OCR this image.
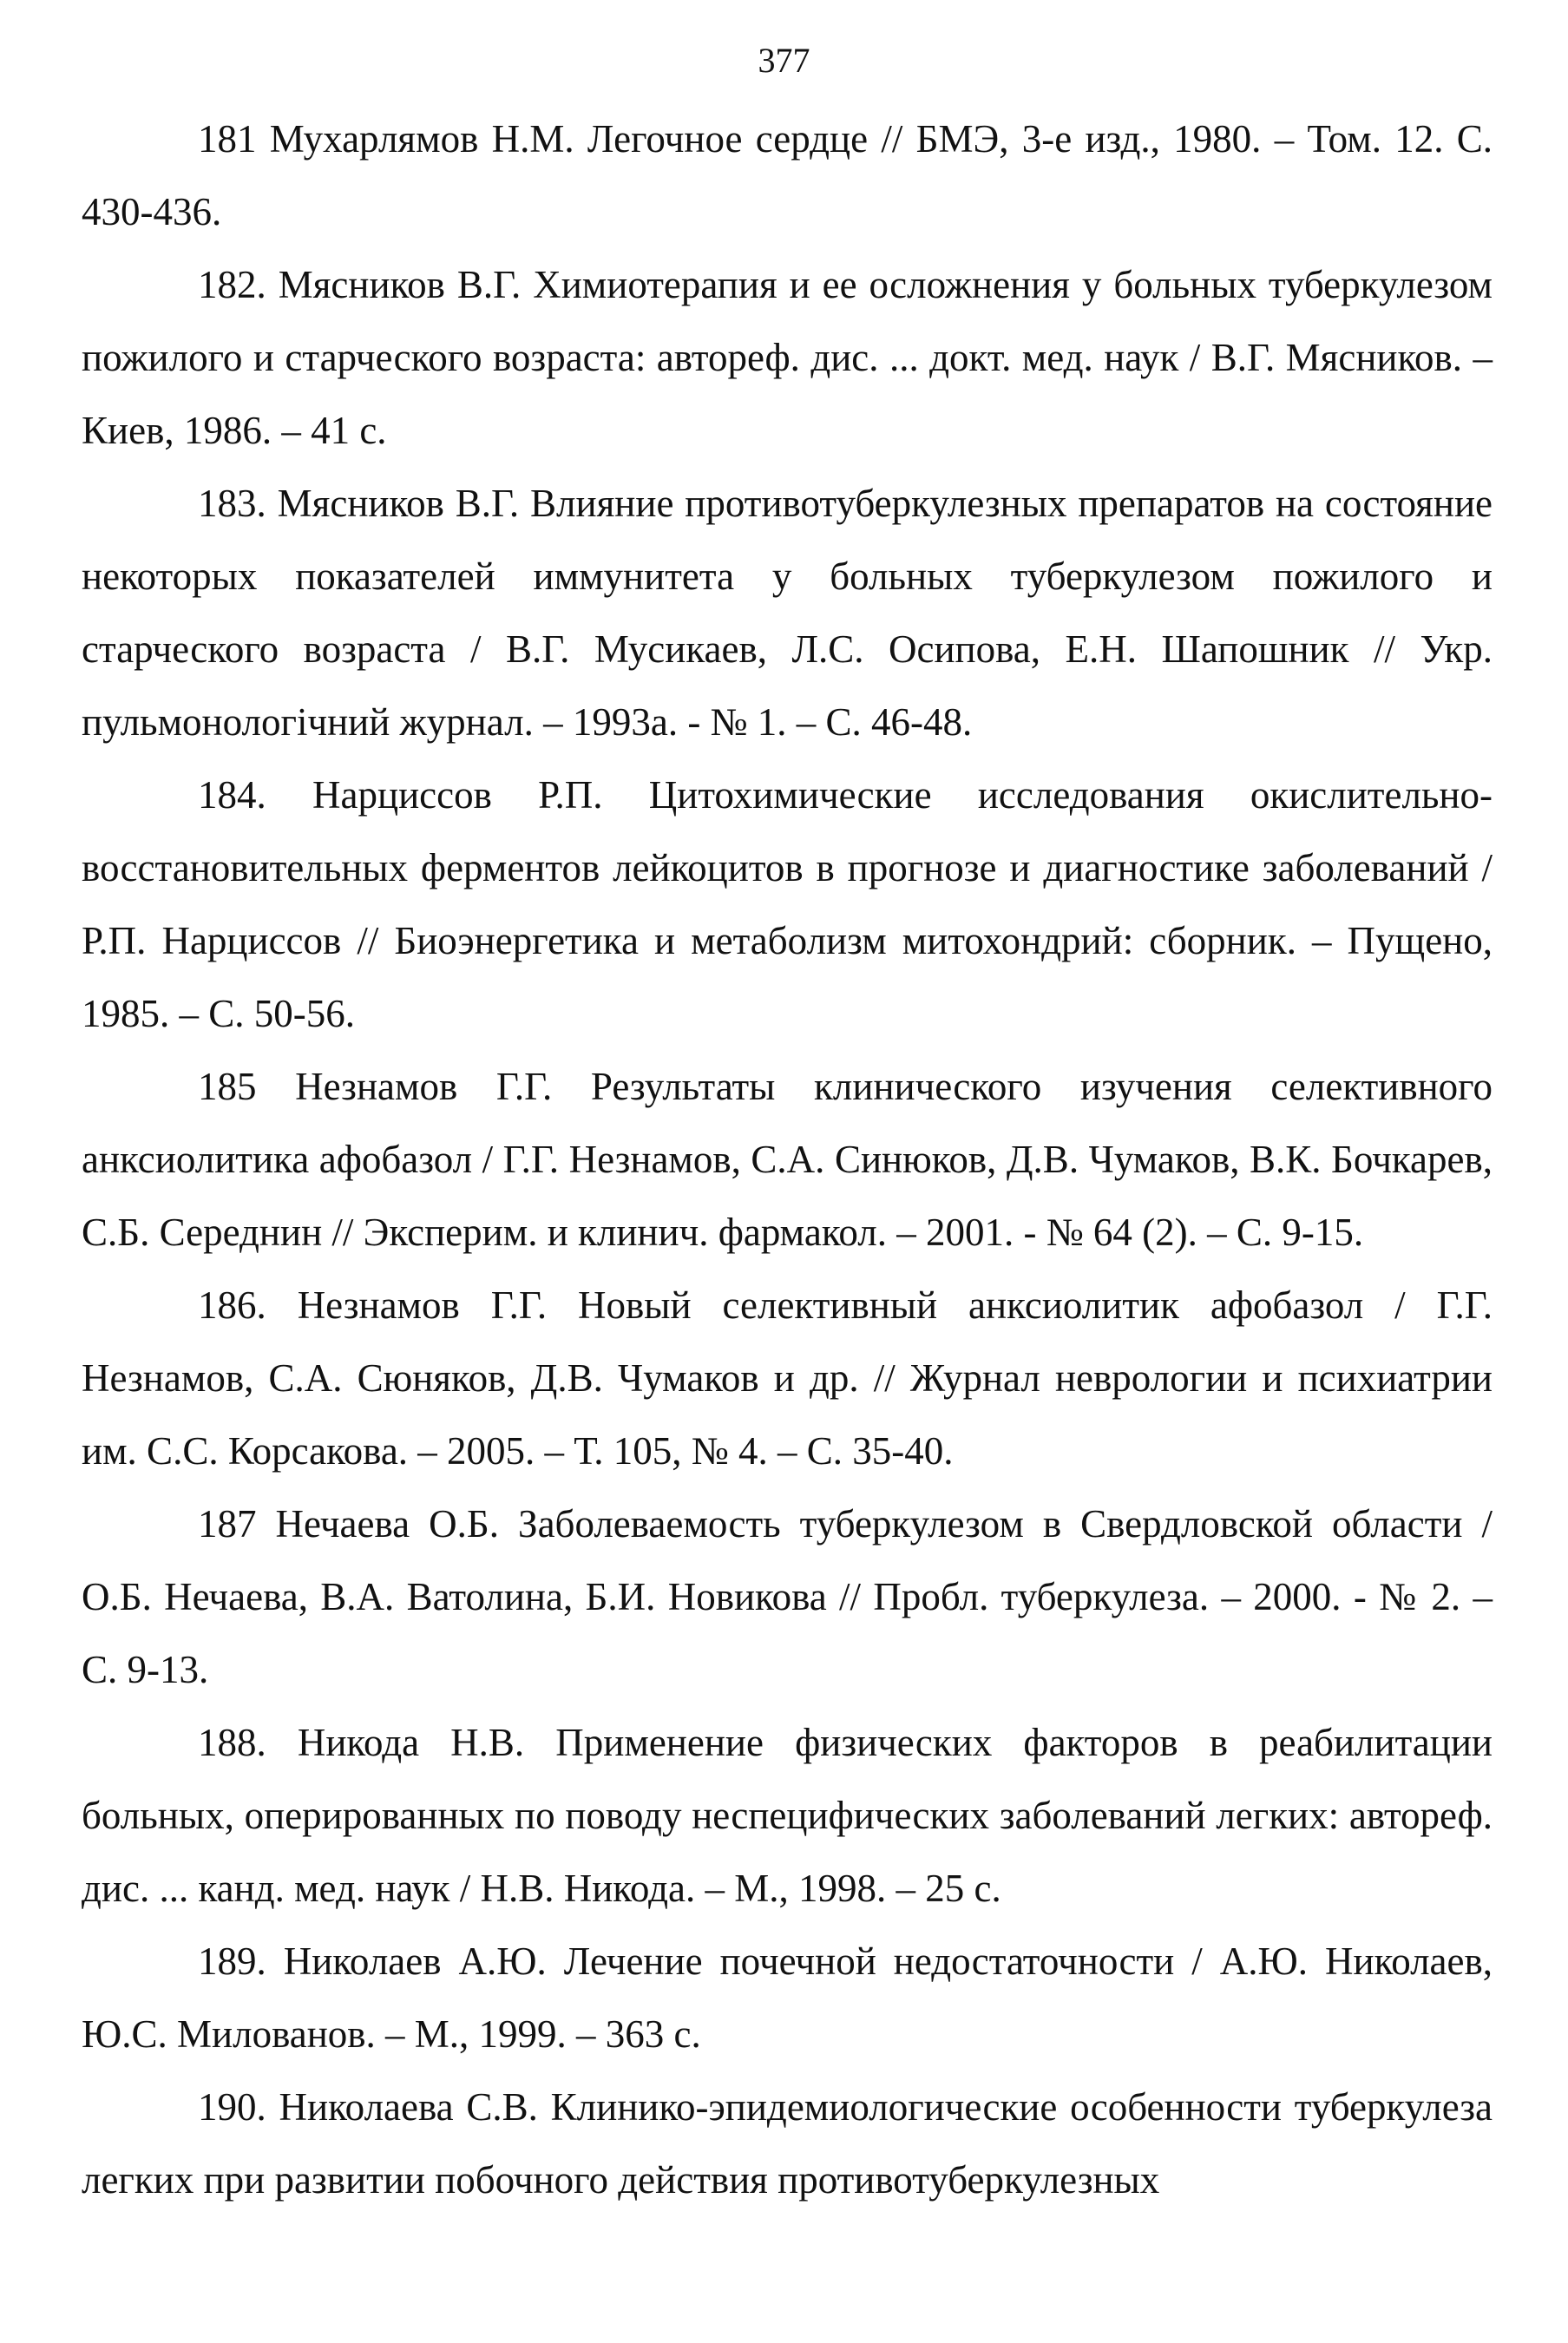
377

181 Мухарлямов Н.М. Легочное сердце // БМЭ, 3-е изд., 1980. – Том. 12. С. 430-436.

182. Мясников В.Г. Химиотерапия и ее осложнения у больных туберкулезом пожилого и старческого возраста: автореф. дис. ... докт. мед. наук / В.Г. Мясников. – Киев, 1986. – 41 с.

183. Мясников В.Г. Влияние противотуберкулезных препаратов на состояние некоторых показателей иммунитета у больных туберкулезом пожилого и старческого возраста / В.Г. Мусикаев, Л.С. Осипова, Е.Н. Шапошник // Укр. пульмонологічний журнал. – 1993а. - № 1. – С. 46-48.

184. Нарциссов Р.П. Цитохимические исследования окислительно-восстановительных ферментов лейкоцитов в прогнозе и диагностике заболеваний / Р.П. Нарциссов // Биоэнергетика и метаболизм митохондрий: сборник. – Пущено, 1985. – С. 50-56.

185 Незнамов Г.Г. Результаты клинического изучения селективного анксиолитика афобазол / Г.Г. Незнамов, С.А. Синюков, Д.В. Чумаков, В.К. Бочкарев, С.Б. Середнин // Эксперим. и клинич. фармакол. – 2001. - № 64 (2). – С. 9-15.

186. Незнамов Г.Г. Новый селективный анксиолитик афобазол / Г.Г. Незнамов, С.А. Сюняков, Д.В. Чумаков и др. // Журнал неврологии и психиатрии им. С.С. Корсакова. – 2005. – Т. 105, № 4. – С. 35-40.

187 Нечаева О.Б. Заболеваемость туберкулезом в Свердловской области / О.Б. Нечаева, В.А. Ватолина, Б.И. Новикова // Пробл. туберкулеза. – 2000. - № 2. – С. 9-13.

188. Никода Н.В. Применение физических факторов в реабилитации больных, оперированных по поводу неспецифических заболеваний легких: автореф. дис. ... канд. мед. наук / Н.В. Никода. – М., 1998. – 25 с.

189. Николаев А.Ю. Лечение почечной недостаточности / А.Ю. Николаев, Ю.С. Милованов. – М., 1999. – 363 с.

190. Николаева С.В. Клинико-эпидемиологические особенности туберкулеза легких при развитии побочного действия противотуберкулезных
